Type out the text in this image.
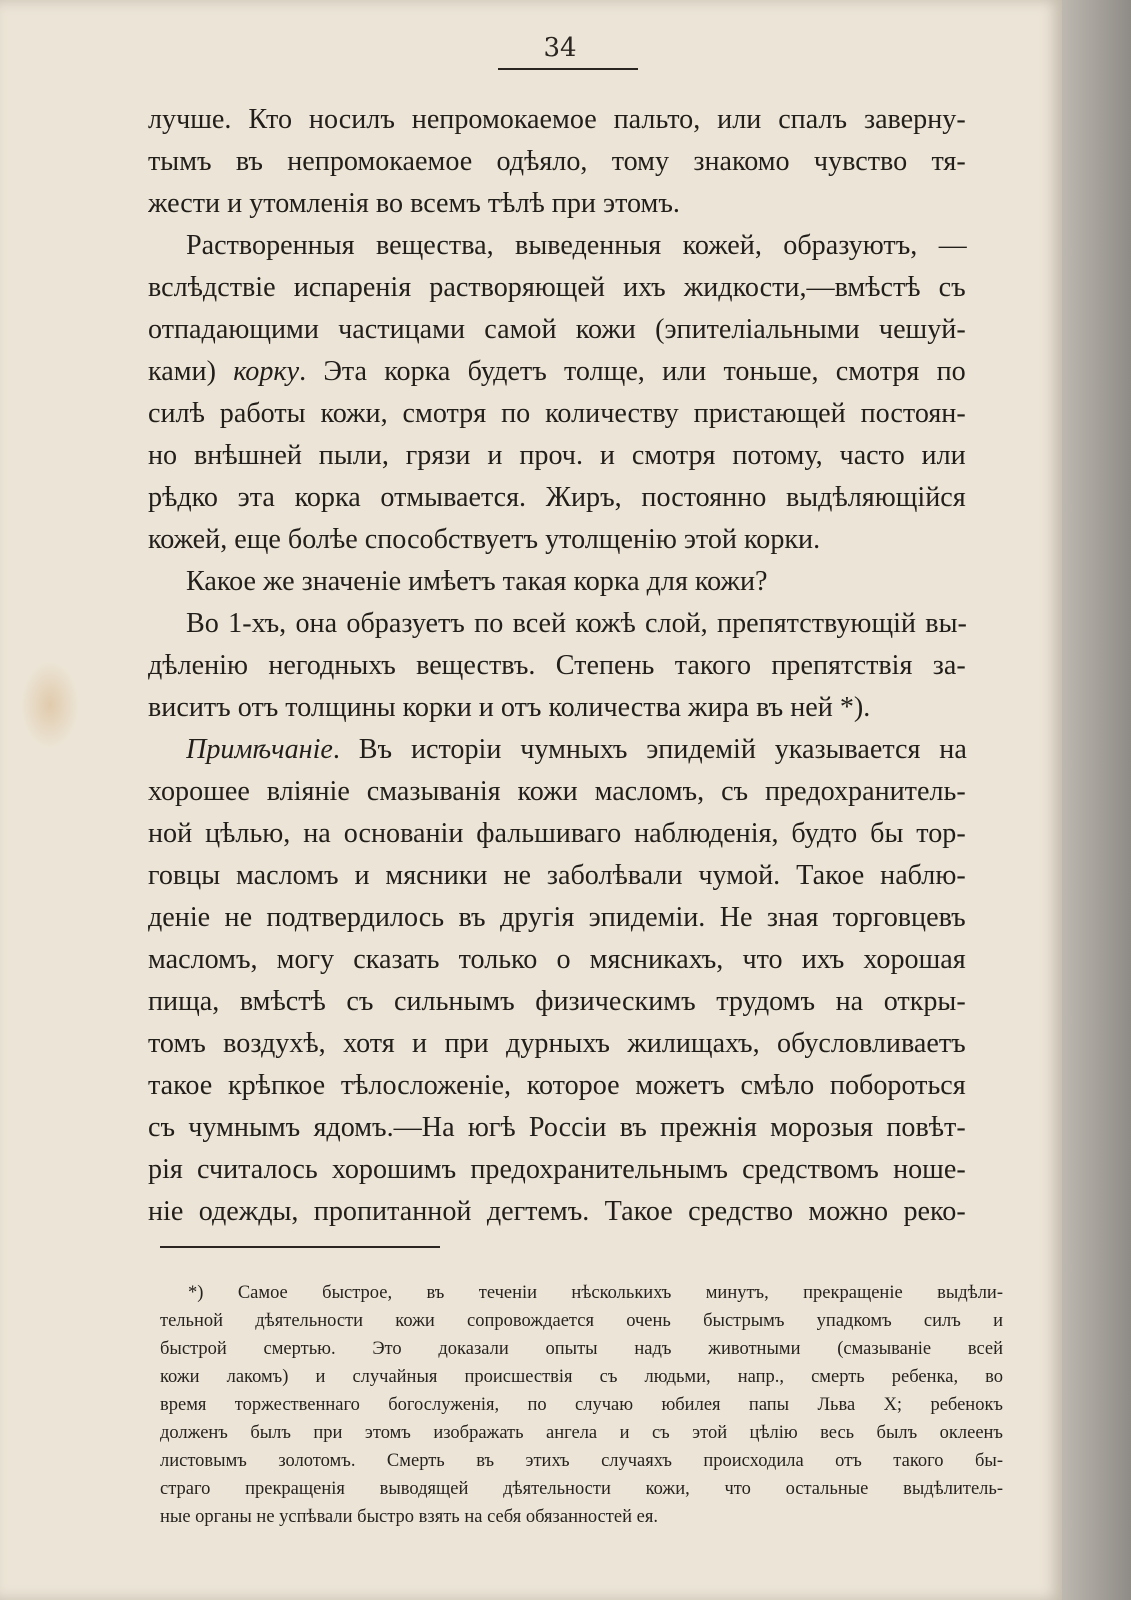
34
лучше. Кто носилъ непромокаемое пальто, или спалъ заверну-
тымъ въ непромокаемое одѣяло, тому знакомо чувство тя-
жести и утомленія во всемъ тѣлѣ при этомъ.
Растворенныя вещества, выведенныя кожей, образуютъ, —
вслѣдствіе испаренія растворяющей ихъ жидкости,—вмѣстѣ съ
отпадающими частицами самой кожи (эпителіальными чешуй-
ками) корку. Эта корка будетъ толще, или тоньше, смотря по
силѣ работы кожи, смотря по количеству пристающей постоян-
но внѣшней пыли, грязи и проч. и смотря потому, часто или
рѣдко эта корка отмывается. Жиръ, постоянно выдѣляющійся
кожей, еще болѣе способствуетъ утолщенію этой корки.
Какое же значеніе имѣетъ такая корка для кожи?
Во 1-хъ, она образуетъ по всей кожѣ слой, препятствующій вы-
дѣленію негодныхъ веществъ. Степень такого препятствія за-
виситъ отъ толщины корки и отъ количества жира въ ней *).
Примѣчаніе. Въ исторіи чумныхъ эпидемій указывается на
хорошее вліяніе смазыванія кожи масломъ, съ предохранитель-
ной цѣлью, на основаніи фальшиваго наблюденія, будто бы тор-
говцы масломъ и мясники не заболѣвали чумой. Такое наблю-
деніе не подтвердилось въ другія эпидеміи. Не зная торговцевъ
масломъ, могу сказать только о мясникахъ, что ихъ хорошая
пища, вмѣстѣ съ сильнымъ физическимъ трудомъ на откры-
томъ воздухѣ, хотя и при дурныхъ жилищахъ, обусловливаетъ
такое крѣпкое тѣлосложеніе, которое можетъ смѣло побороться
съ чумнымъ ядомъ.—На югѣ Россіи въ прежнія морозыя повѣт-
рія считалось хорошимъ предохранительнымъ средствомъ ноше-
ніе одежды, пропитанной дегтемъ. Такое средство можно реко-
*) Самое быстрое, въ теченіи нѣсколькихъ минутъ, прекращеніе выдѣли-
тельной дѣятельности кожи сопровождается очень быстрымъ упадкомъ силъ и
быстрой смертью. Это доказали опыты надъ животными (смазываніе всей
кожи лакомъ) и случайныя происшествія съ людьми, напр., смерть ребенка, во
время торжественнаго богослуженія, по случаю юбилея папы Льва X; ребенокъ
долженъ былъ при этомъ изображать ангела и съ этой цѣлію весь былъ оклеенъ
листовымъ золотомъ. Смерть въ этихъ случаяхъ происходила отъ такого бы-
страго прекращенія выводящей дѣятельности кожи, что остальные выдѣлитель-
ные органы не успѣвали быстро взять на себя обязанностей ея.
